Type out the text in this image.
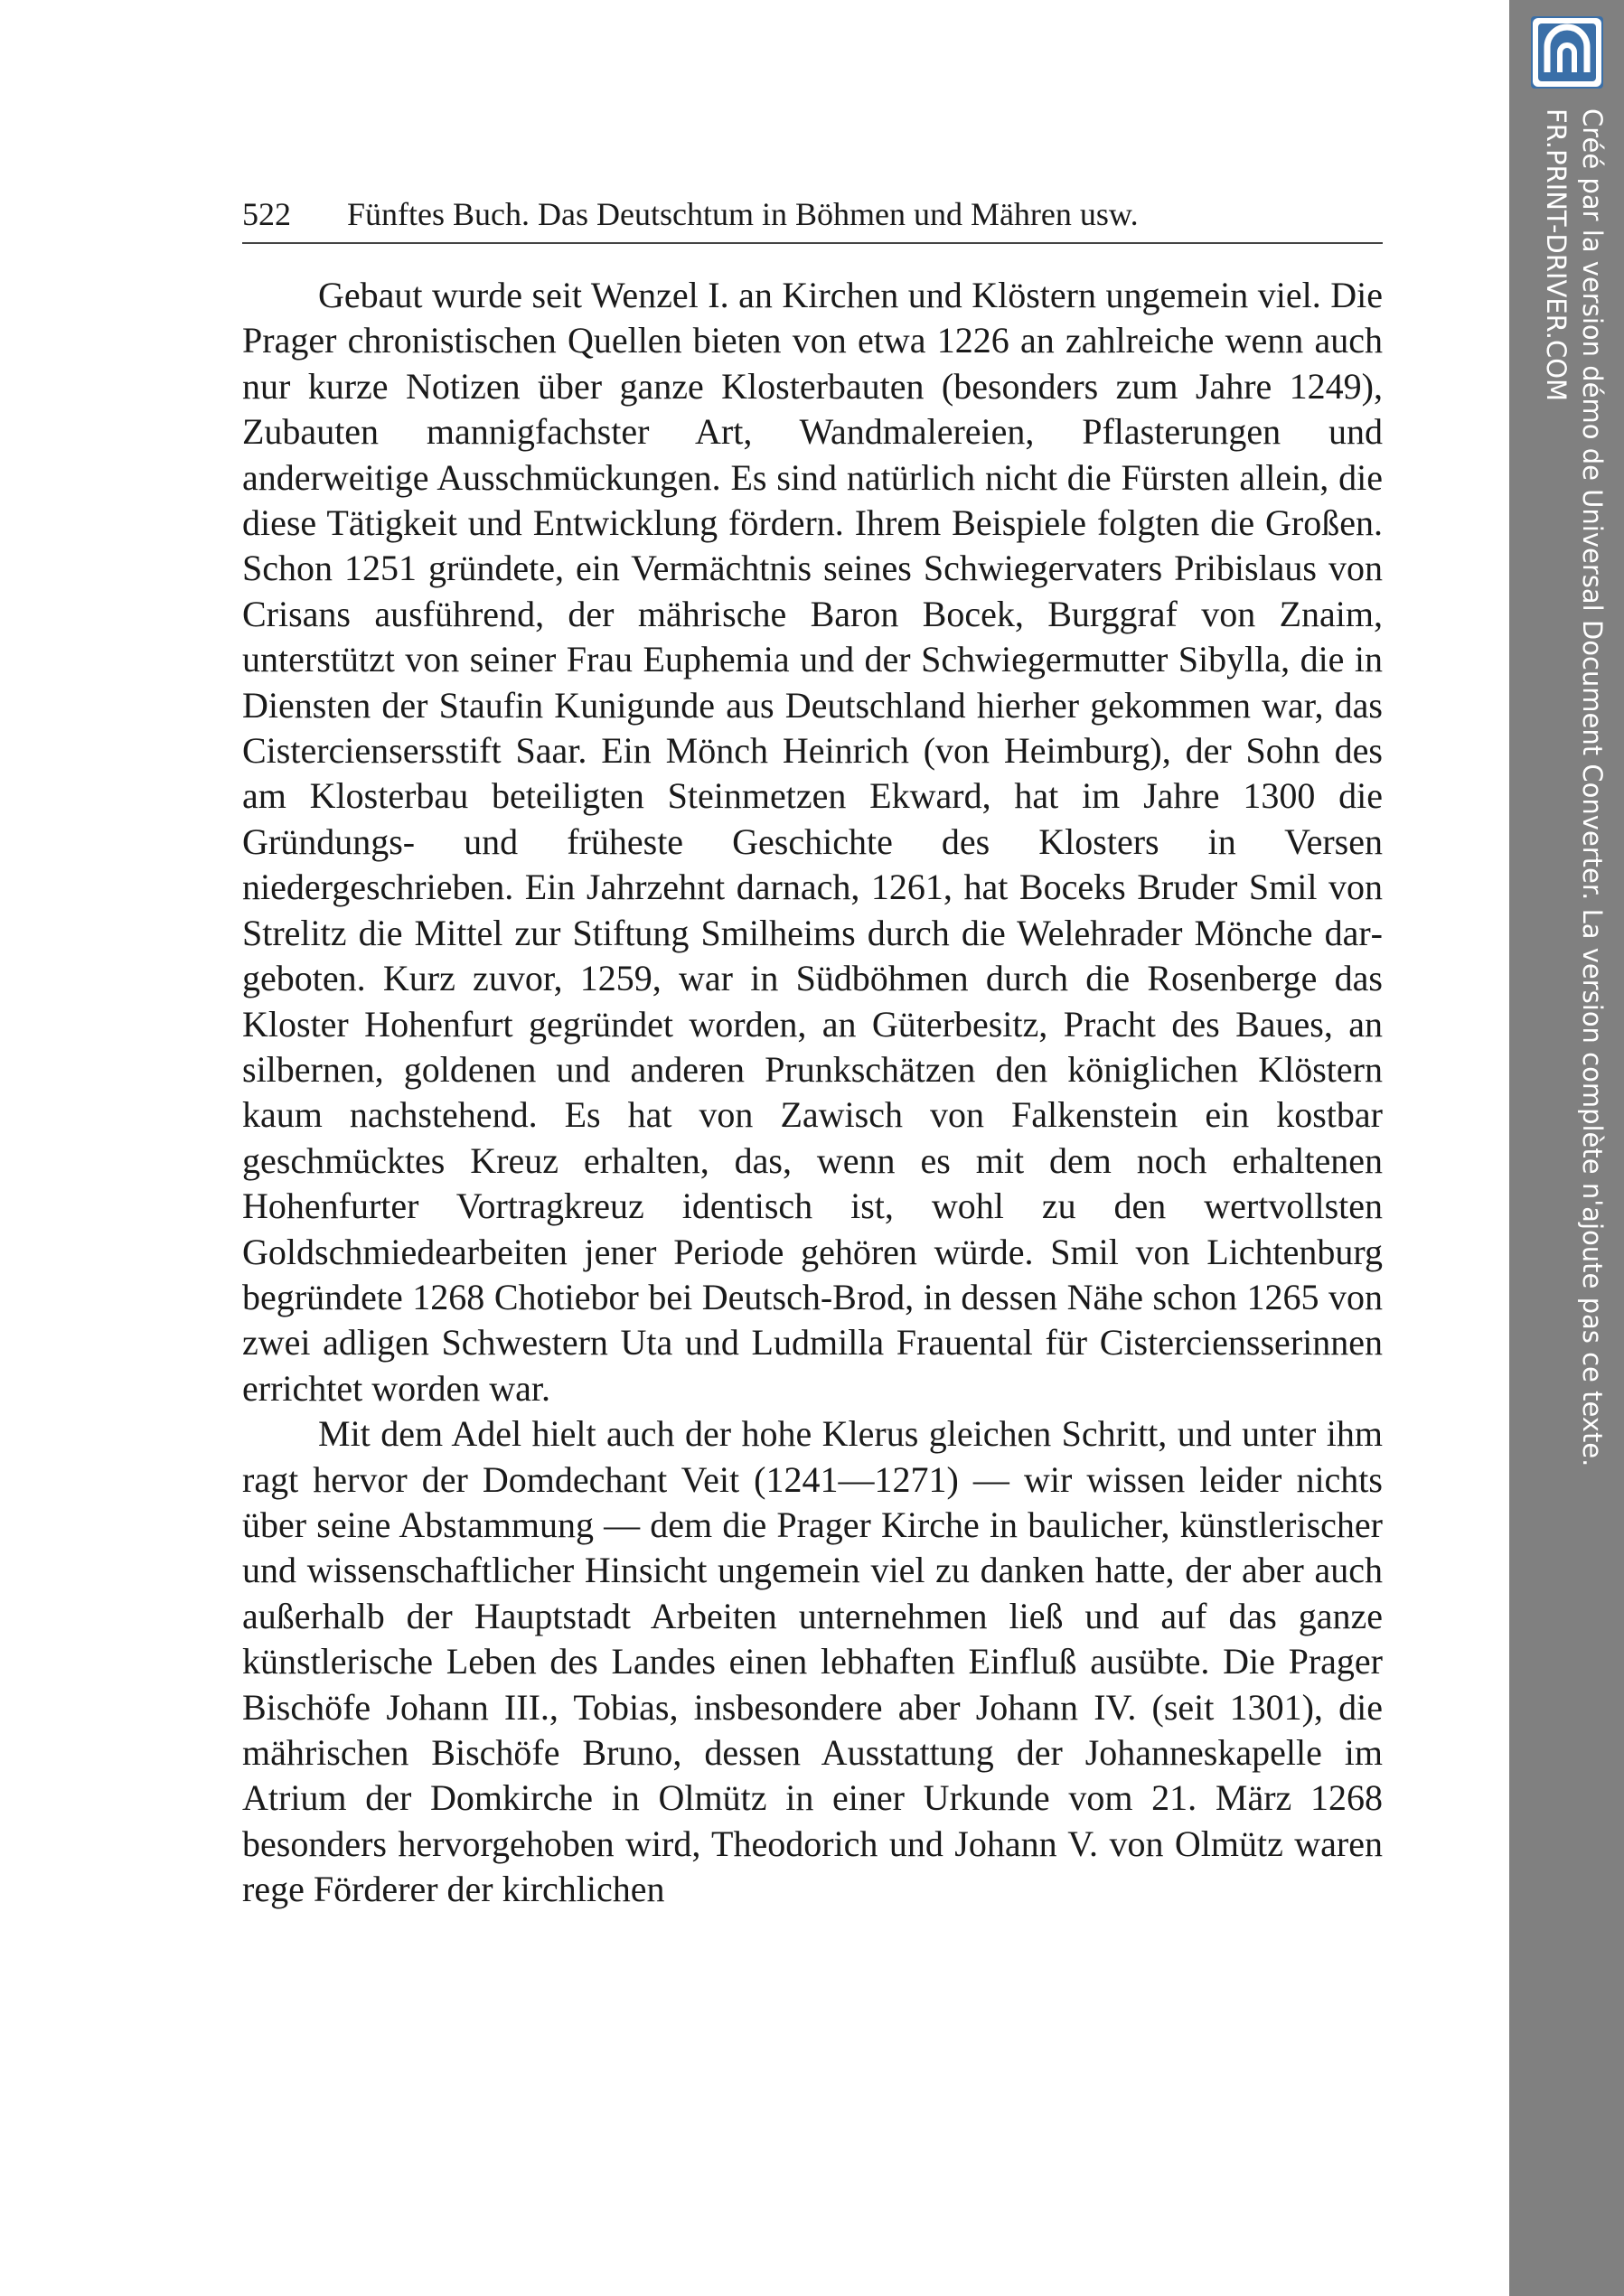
522 Fünftes Buch. Das Deutschtum in Böhmen und Mähren usw.

Gebaut wurde seit Wenzel I. an Kirchen und Klöstern ungemein viel. Die Prager chronistischen Quellen bieten von etwa 1226 an zahlreiche wenn auch nur kurze Notizen über ganze Klosterbauten (besonders zum Jahre 1249), Zubauten mannigfachster Art, Wandmalereien, Pflasterungen und anderweitige Ausschmückungen. Es sind natürlich nicht die Fürsten allein, die diese Tätigkeit und Entwicklung fördern. Ihrem Beispiele folgten die Großen. Schon 1251 gründete, ein Vermächtnis seines Schwiegervaters Pribislaus von Crisans ausführend, der mährische Baron Bocek, Burggraf von Znaim, unterstützt von seiner Frau Euphemia und der Schwiegermutter Sibylla, die in Diensten der Staufin Kunigunde aus Deutschland hierher gekommen war, das Cisterciensersstift Saar. Ein Mönch Heinrich (von Heimburg), der Sohn des am Klosterbau beteiligten Steinmetzen Ekward, hat im Jahre 1300 die Gründungs- und früheste Geschichte des Klosters in Versen niedergeschrieben. Ein Jahrzehnt darnach, 1261, hat Boceks Bruder Smil von Strelitz die Mittel zur Stiftung Smilheims durch die Welehrader Mönche dargeboten. Kurz zuvor, 1259, war in Südböhmen durch die Rosenberge das Kloster Hohenfurt gegründet worden, an Güterbesitz, Pracht des Baues, an silbernen, goldenen und anderen Prunkschätzen den königlichen Klöstern kaum nachstehend. Es hat von Zawisch von Falkenstein ein kostbar geschmücktes Kreuz erhalten, das, wenn es mit dem noch erhaltenen Hohenfurter Vortragkreuz identisch ist, wohl zu den wertvollsten Goldschmiedearbeiten jener Periode gehören würde. Smil von Lichtenburg begründete 1268 Chotiebor bei Deutsch-Brod, in dessen Nähe schon 1265 von zwei adligen Schwestern Uta und Ludmilla Frauental für Cisterciensserinnen errichtet worden war.

Mit dem Adel hielt auch der hohe Klerus gleichen Schritt, und unter ihm ragt hervor der Domdechant Veit (1241—1271) — wir wissen leider nichts über seine Abstammung — dem die Prager Kirche in baulicher, künstlerischer und wissenschaftlicher Hinsicht ungemein viel zu danken hatte, der aber auch außerhalb der Hauptstadt Arbeiten unternehmen ließ und auf das ganze künstlerische Leben des Landes einen lebhaften Einfluß ausübte. Die Prager Bischöfe Johann III., Tobias, insbesondere aber Johann IV. (seit 1301), die mährischen Bischöfe Bruno, dessen Ausstattung der Johanneskapelle im Atrium der Domkirche in Olmütz in einer Urkunde vom 21. März 1268 besonders hervorgehoben wird, Theodorich und Johann V. von Olmütz waren rege Förderer der kirchlichen

Créé par la version démo de Universal Document Converter. La version complète n'ajoute pas ce texte.
FR.PRINT-DRIVER.COM
